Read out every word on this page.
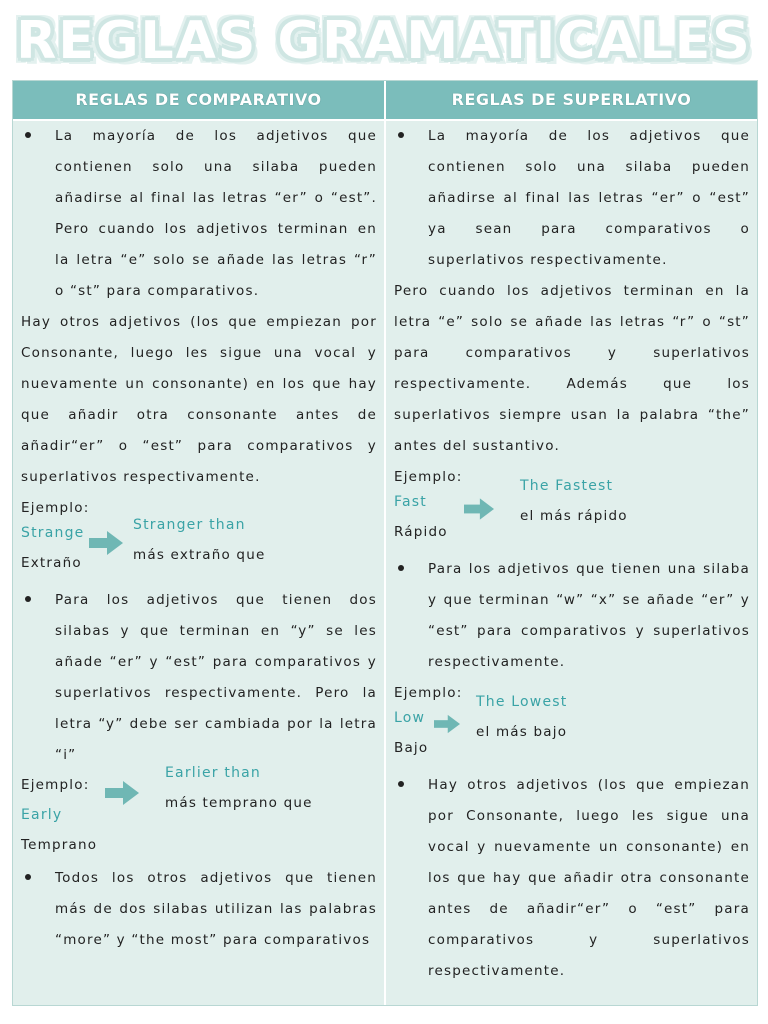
REGLAS GRAMATICALES
REGLAS DE COMPARATIVO	REGLAS DE SUPERLATIVO

La mayoría de los adjetivos que contienen solo una silaba pueden añadirse al final las letras “er” o “est”. Pero cuando los adjetivos terminan en la letra “e” solo se añade las letras “r” o “st” para comparativos.

Hay otros adjetivos (los que empiezan por Consonante, luego les sigue una vocal y nuevamente un consonante) en los que hay que añadir otra consonante antes de añadir“er” o “est” para comparativos y superlativos respectivamente.

Ejemplo:

Strange
Extraño
Stranger than
más extraño que

Para los adjetivos que tienen dos silabas y que terminan en “y” se les añade “er” y “est” para comparativos y superlativos respectivamente. Pero la letra “y” debe ser cambiada por la letra “i”

Ejemplo:
Early
Temprano
Earlier than
más temprano que

Todos los otros adjetivos que tienen más de dos silabas utilizan las palabras “more” y “the most” para comparativos

La mayoría de los adjetivos que contienen solo una silaba pueden añadirse al final las letras “er” o “est” ya sean para comparativos o superlativos respectivamente.

Pero cuando los adjetivos terminan en la letra “e” solo se añade las letras “r” o “st” para comparativos y superlativos respectivamente. Además que los superlativos siempre usan la palabra “the” antes del sustantivo.

Ejemplo:

Fast
Rápido
The Fastest
el más rápido

Para los adjetivos que tienen una silaba y que terminan “w” “x” se añade “er” y “est” para comparativos y superlativos respectivamente.

Ejemplo:

Low
Bajo
The Lowest
el más bajo

Hay otros adjetivos (los que empiezan por Consonante, luego les sigue una vocal y nuevamente un consonante) en los que hay que añadir otra consonante antes de añadir“er” o “est” para comparativos y superlativos respectivamente.
